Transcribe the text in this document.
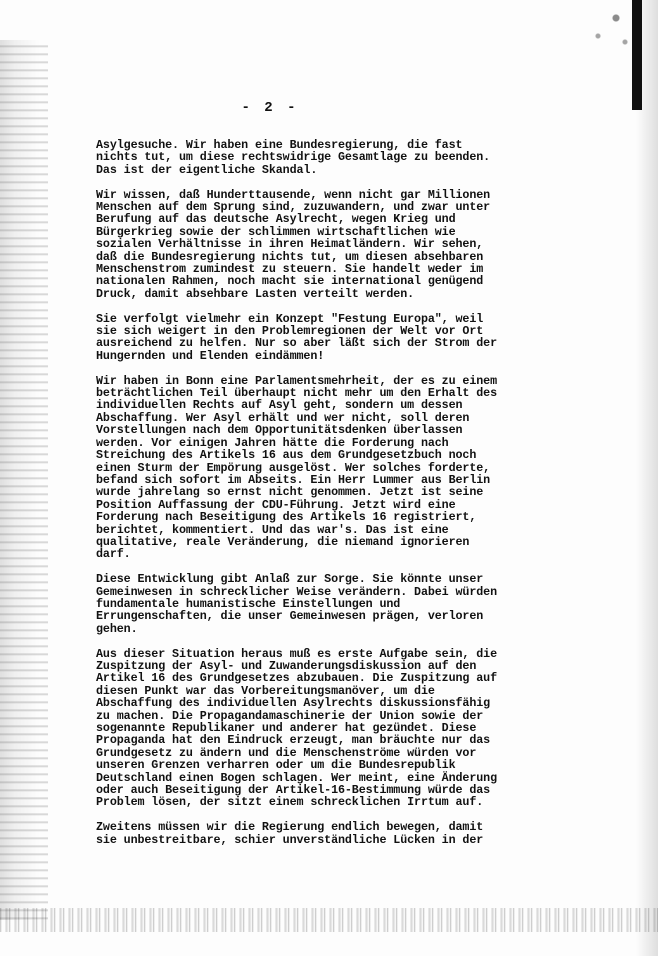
- 2 -
Asylgesuche. Wir haben eine Bundesregierung, die fast
nichts tut, um diese rechtswidrige Gesamtlage zu beenden.
Das ist der eigentliche Skandal.
Wir wissen, daß Hunderttausende, wenn nicht gar Millionen
Menschen auf dem Sprung sind, zuzuwandern, und zwar unter
Berufung auf das deutsche Asylrecht, wegen Krieg und
Bürgerkrieg sowie der schlimmen wirtschaftlichen wie
sozialen Verhältnisse in ihren Heimatländern. Wir sehen,
daß die Bundesregierung nichts tut, um diesen absehbaren
Menschenstrom zumindest zu steuern. Sie handelt weder im
nationalen Rahmen, noch macht sie international genügend
Druck, damit absehbare Lasten verteilt werden.
Sie verfolgt vielmehr ein Konzept "Festung Europa", weil
sie sich weigert in den Problemregionen der Welt vor Ort
ausreichend zu helfen. Nur so aber läßt sich der Strom der
Hungernden und Elenden eindämmen!
Wir haben in Bonn eine Parlamentsmehrheit, der es zu einem
beträchtlichen Teil überhaupt nicht mehr um den Erhalt des
individuellen Rechts auf Asyl geht, sondern um dessen
Abschaffung. Wer Asyl erhält und wer nicht, soll deren
Vorstellungen nach dem Opportunitätsdenken überlassen
werden. Vor einigen Jahren hätte die Forderung nach
Streichung des Artikels 16 aus dem Grundgesetzbuch noch
einen Sturm der Empörung ausgelöst. Wer solches forderte,
befand sich sofort im Abseits. Ein Herr Lummer aus Berlin
wurde jahrelang so ernst nicht genommen. Jetzt ist seine
Position Auffassung der CDU-Führung. Jetzt wird eine
Forderung nach Beseitigung des Artikels 16 registriert,
berichtet, kommentiert. Und das war's. Das ist eine
qualitative, reale Veränderung, die niemand ignorieren
darf.
Diese Entwicklung gibt Anlaß zur Sorge. Sie könnte unser
Gemeinwesen in schrecklicher Weise verändern. Dabei würden
fundamentale humanistische Einstellungen und
Errungenschaften, die unser Gemeinwesen prägen, verloren
gehen.
Aus dieser Situation heraus muß es erste Aufgabe sein, die
Zuspitzung der Asyl- und Zuwanderungsdiskussion auf den
Artikel 16 des Grundgesetzes abzubauen. Die Zuspitzung auf
diesen Punkt war das Vorbereitungsmanöver, um die
Abschaffung des individuellen Asylrechts diskussionsfähig
zu machen. Die Propagandamaschinerie der Union sowie der
sogenannte Republikaner und anderer hat gezündet. Diese
Propaganda hat den Eindruck erzeugt, man bräuchte nur das
Grundgesetz zu ändern und die Menschenströme würden vor
unseren Grenzen verharren oder um die Bundesrepublik
Deutschland einen Bogen schlagen. Wer meint, eine Änderung
oder auch Beseitigung der Artikel-16-Bestimmung würde das
Problem lösen, der sitzt einem schrecklichen Irrtum auf.
Zweitens müssen wir die Regierung endlich bewegen, damit
sie unbestreitbare, schier unverständliche Lücken in der
